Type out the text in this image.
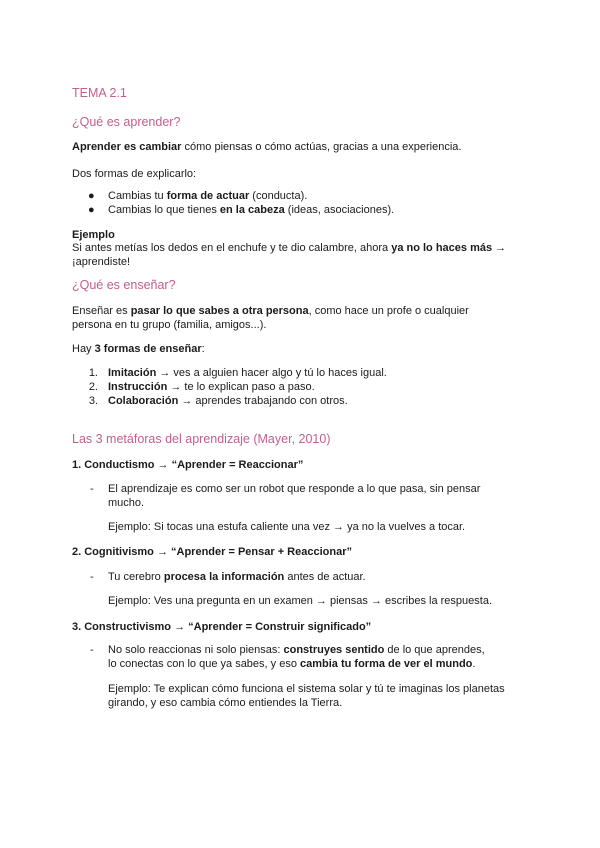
TEMA 2.1
¿Qué es aprender?
Aprender es cambiar cómo piensas o cómo actúas, gracias a una experiencia.
Dos formas de explicarlo:
● Cambias tu forma de actuar (conducta).
● Cambias lo que tienes en la cabeza (ideas, asociaciones).
Ejemplo
Si antes metías los dedos en el enchufe y te dio calambre, ahora ya no lo haces más →
¡aprendiste!
¿Qué es enseñar?
Enseñar es pasar lo que sabes a otra persona, como hace un profe o cualquier
persona en tu grupo (familia, amigos...).
Hay 3 formas de enseñar:
1. Imitación → ves a alguien hacer algo y tú lo haces igual.
2. Instrucción → te lo explican paso a paso.
3. Colaboración → aprendes trabajando con otros.
Las 3 metáforas del aprendizaje (Mayer, 2010)
1. Conductismo → “Aprender = Reaccionar”
- El aprendizaje es como ser un robot que responde a lo que pasa, sin pensar
mucho.
Ejemplo: Si tocas una estufa caliente una vez → ya no la vuelves a tocar.
2. Cognitivismo → “Aprender = Pensar + Reaccionar”
- Tu cerebro procesa la información antes de actuar.
Ejemplo: Ves una pregunta en un examen → piensas → escribes la respuesta.
3. Constructivismo → “Aprender = Construir significado”
- No solo reaccionas ni solo piensas: construyes sentido de lo que aprendes,
lo conectas con lo que ya sabes, y eso cambia tu forma de ver el mundo.
Ejemplo: Te explican cómo funciona el sistema solar y tú te imaginas los planetas
girando, y eso cambia cómo entiendes la Tierra.
